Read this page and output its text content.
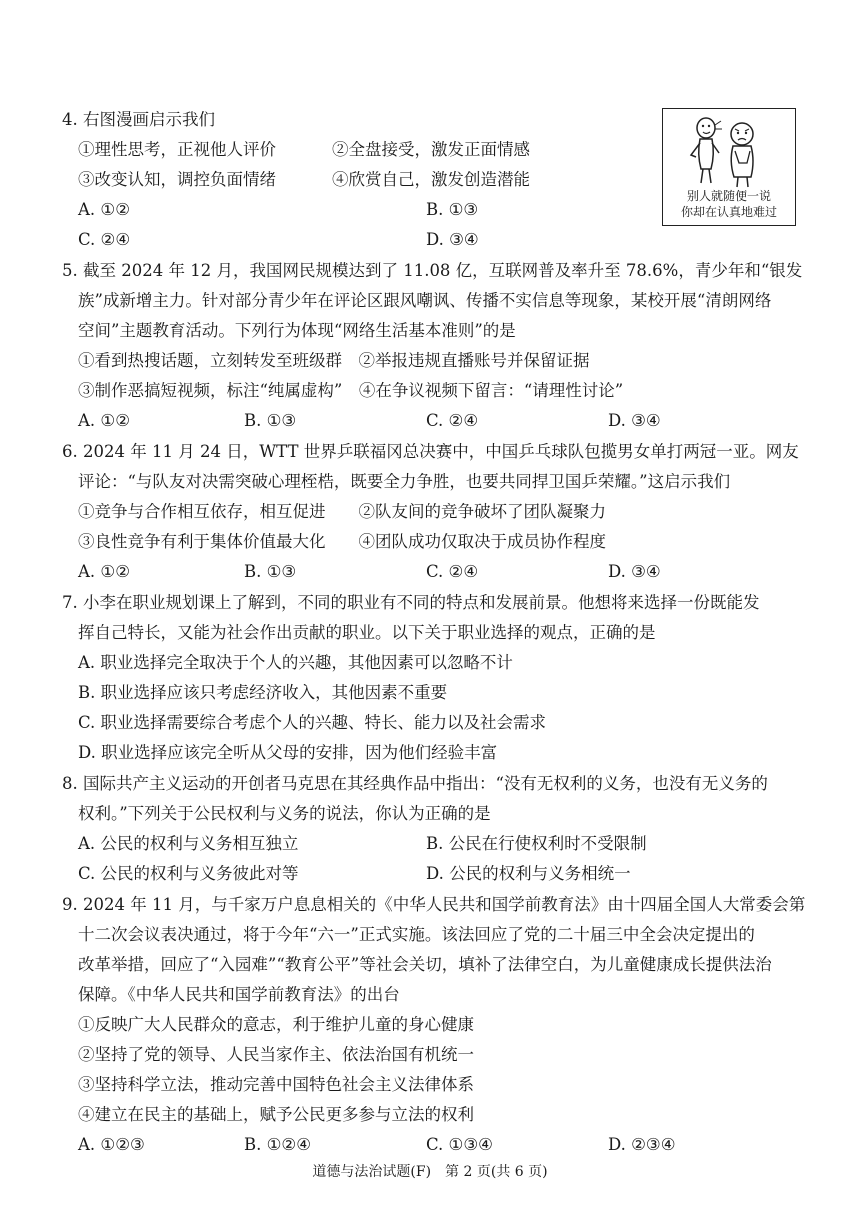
4. 右图漫画启示我们
①理性思考，正视他人评价	②全盘接受，激发正面情感
③改变认知，调控负面情绪	④欣赏自己，激发创造潜能
A. ①②	B. ①③
C. ②④	D. ③④
别人就随便一说
你却在认真地难过
5. 截至 2024 年 12 月，我国网民规模达到了 11.08 亿，互联网普及率升至 78.6%，青少年和“银发
族”成新增主力。针对部分青少年在评论区跟风嘲讽、传播不实信息等现象，某校开展“清朗网络
空间”主题教育活动。下列行为体现“网络生活基本准则”的是
①看到热搜话题，立刻转发至班级群　②举报违规直播账号并保留证据
③制作恶搞短视频，标注“纯属虚构”　④在争议视频下留言：“请理性讨论”
A. ①②	B. ①③	C. ②④	D. ③④
6. 2024 年 11 月 24 日，WTT 世界乒联福冈总决赛中，中国乒乓球队包揽男女单打两冠一亚。网友
评论：“与队友对决需突破心理桎梏，既要全力争胜，也要共同捍卫国乒荣耀。”这启示我们
①竞争与合作相互依存，相互促进　　②队友间的竞争破坏了团队凝聚力
③良性竞争有利于集体价值最大化　　④团队成功仅取决于成员协作程度
A. ①②	B. ①③	C. ②④	D. ③④
7. 小李在职业规划课上了解到，不同的职业有不同的特点和发展前景。他想将来选择一份既能发
挥自己特长，又能为社会作出贡献的职业。以下关于职业选择的观点，正确的是
A. 职业选择完全取决于个人的兴趣，其他因素可以忽略不计
B. 职业选择应该只考虑经济收入，其他因素不重要
C. 职业选择需要综合考虑个人的兴趣、特长、能力以及社会需求
D. 职业选择应该完全听从父母的安排，因为他们经验丰富
8. 国际共产主义运动的开创者马克思在其经典作品中指出：“没有无权利的义务，也没有无义务的
权利。”下列关于公民权利与义务的说法，你认为正确的是
A. 公民的权利与义务相互独立	B. 公民在行使权利时不受限制
C. 公民的权利与义务彼此对等	D. 公民的权利与义务相统一
9. 2024 年 11 月，与千家万户息息相关的《中华人民共和国学前教育法》由十四届全国人大常委会第
十二次会议表决通过，将于今年“六一”正式实施。该法回应了党的二十届三中全会决定提出的
改革举措，回应了“入园难”“教育公平”等社会关切，填补了法律空白，为儿童健康成长提供法治
保障。《中华人民共和国学前教育法》的出台
①反映广大人民群众的意志，利于维护儿童的身心健康
②坚持了党的领导、人民当家作主、依法治国有机统一
③坚持科学立法，推动完善中国特色社会主义法律体系
④建立在民主的基础上，赋予公民更多参与立法的权利
A. ①②③	B. ①②④	C. ①③④	D. ②③④
道德与法治试题(F)　第 2 页(共 6 页)
